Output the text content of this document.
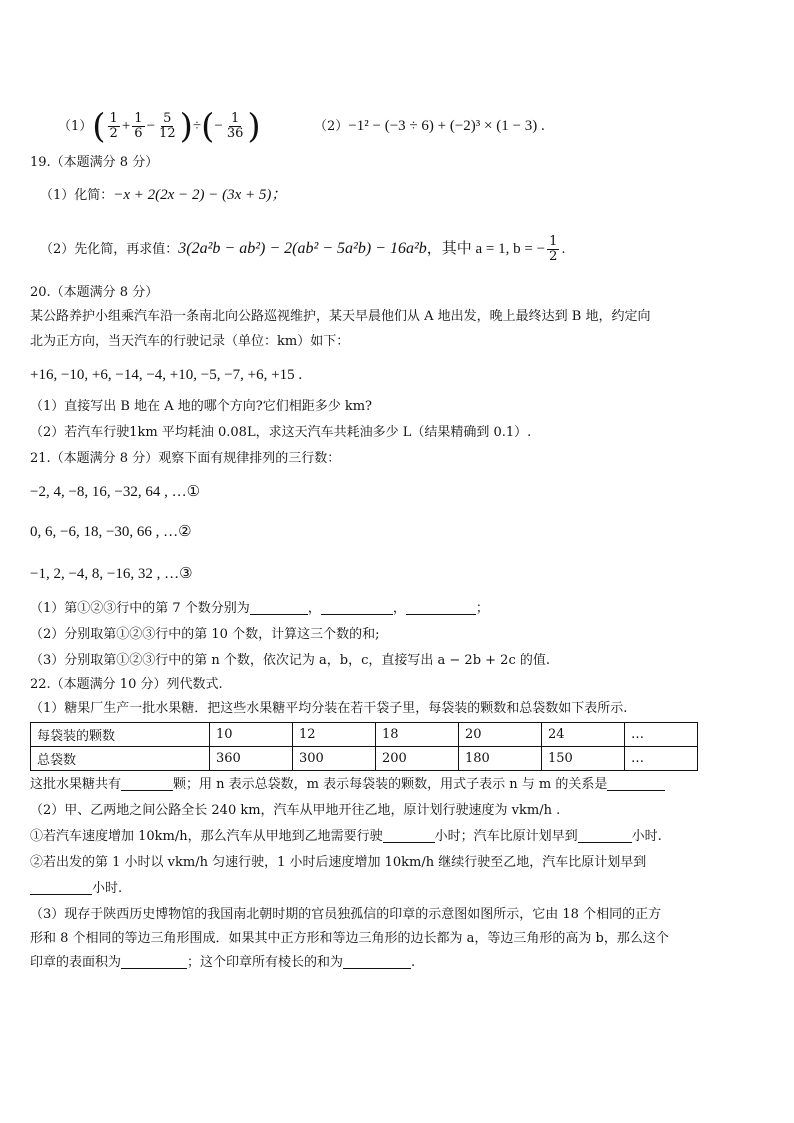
$(1)( \frac{1}{2} + \frac{1}{6} - \frac{5}{12}$ )÷(− $\frac{1}{36}$ )	（2）−1² − (−3 ÷ 6) + (−2)³ × (1 − 3) .
19.（本题满分 8 分）
（1）化简：−x + 2(2x − 2) − (3x + 5)；
（2）先化简，再求值：3(2a²b − ab²) − 2(ab² − 5a²b) − 16a²b，其中 a = 1, b = − $\frac{1}{2}$ .
20.（本题满分 8 分）
某公路养护小组乘汽车沿一条南北向公路巡视维护，某天早晨他们从 A 地出发，晚上最终达到 B 地，约定向
北为正方向，当天汽车的行驶记录（单位：km）如下：
+16, −10, +6, −14, −4, +10, −5, −7, +6, +15 .
（1）直接写出 B 地在 A 地的哪个方向?它们相距多少 km?
（2）若汽车行驶1km 平均耗油 0.08L，求这天汽车共耗油多少 L（结果精确到 0.1）.
21.（本题满分 8 分）观察下面有规律排列的三行数：
−2, 4, −8, 16, −32, 64 , …①
0, 6, −6, 18, −30, 66 , …②
−1, 2, −4, 8, −16, 32 , …③
（1）第①②③行中的第 7 个数分别为	，	，	；
（2）分别取第①②③行中的第 10 个数，计算这三个数的和;
（3）分别取第①②③行中的第 n 个数，依次记为 a，b，c，直接写出 a − 2b + 2c 的值.
22.（本题满分 10 分）列代数式.
（1）糖果厂生产一批水果糖．把这些水果糖平均分装在若干袋子里，每袋装的颗数和总袋数如下表所示.
每袋装的颗数	10	12	18	20	24	…
总袋数	360	300	200	180	150	…
这批水果糖共有	颗；用 n 表示总袋数，m 表示每袋装的颗数，用式子表示 n 与 m 的关系是
（2）甲、乙两地之间公路全长 240 km，汽车从甲地开往乙地，原计划行驶速度为 vkm/h .
①若汽车速度增加 10km/h，那么汽车从甲地到乙地需要行驶	小时；汽车比原计划早到	小时.
②若出发的第 1 小时以 vkm/h 匀速行驶，1 小时后速度增加 10km/h 继续行驶至乙地，汽车比原计划早到
小时.
（3）现存于陕西历史博物馆的我国南北朝时期的官员独孤信的印章的示意图如图所示，它由 18 个相同的正方
形和 8 个相同的等边三角形围成．如果其中正方形和等边三角形的边长都为 a，等边三角形的高为 b，那么这个
印章的表面积为	；这个印章所有棱长的和为	.
